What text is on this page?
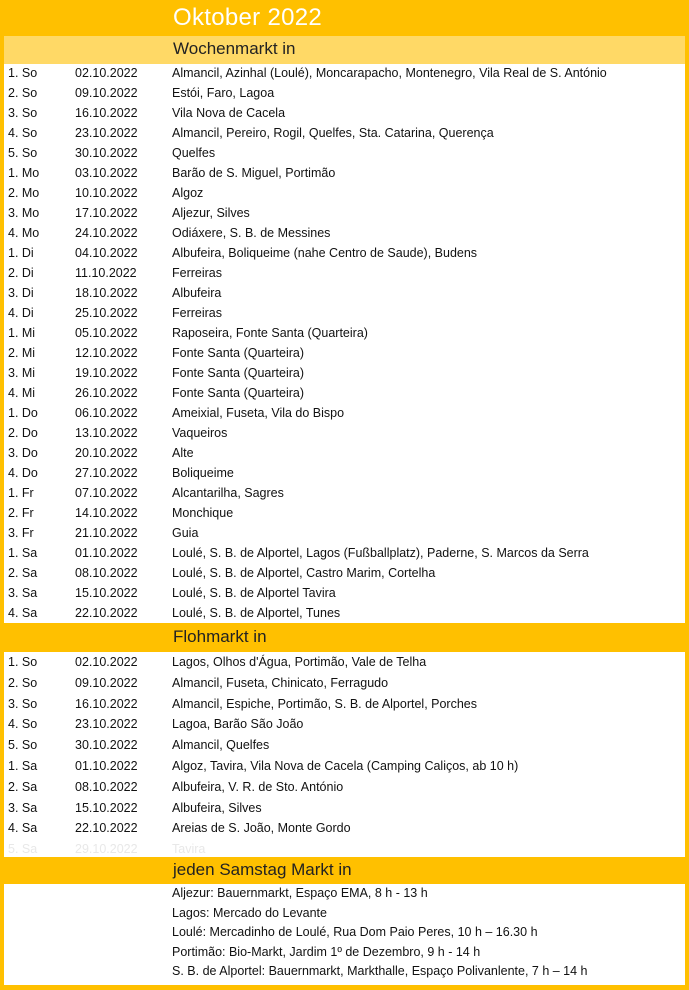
Oktober 2022
Wochenmarkt in
1. So	02.10.2022	Almancil, Azinhal (Loulé), Moncarapacho, Montenegro, Vila Real de S. António
2. So	09.10.2022	Estói, Faro, Lagoa
3. So	16.10.2022	Vila Nova de Cacela
4. So	23.10.2022	Almancil, Pereiro, Rogil, Quelfes, Sta. Catarina, Querença
5. So	30.10.2022	Quelfes
1. Mo	03.10.2022	Barão de S. Miguel, Portimão
2. Mo	10.10.2022	Algoz
3. Mo	17.10.2022	Aljezur, Silves
4. Mo	24.10.2022	Odiáxere, S. B. de Messines
1. Di	04.10.2022	Albufeira, Boliqueime (nahe Centro de Saude), Budens
2. Di	11.10.2022	Ferreiras
3. Di	18.10.2022	Albufeira
4. Di	25.10.2022	Ferreiras
1. Mi	05.10.2022	Raposeira, Fonte Santa (Quarteira)
2. Mi	12.10.2022	Fonte Santa (Quarteira)
3. Mi	19.10.2022	Fonte Santa (Quarteira)
4. Mi	26.10.2022	Fonte Santa (Quarteira)
1. Do	06.10.2022	Ameixial, Fuseta, Vila do Bispo
2. Do	13.10.2022	Vaqueiros
3. Do	20.10.2022	Alte
4. Do	27.10.2022	Boliqueime
1. Fr	07.10.2022	Alcantarilha, Sagres
2. Fr	14.10.2022	Monchique
3. Fr	21.10.2022	Guia
1. Sa	01.10.2022	Loulé, S. B. de Alportel, Lagos (Fußballplatz), Paderne, S. Marcos da Serra
2. Sa	08.10.2022	Loulé, S. B. de Alportel, Castro Marim, Cortelha
3. Sa	15.10.2022	Loulé, S. B. de Alportel Tavira
4. Sa	22.10.2022	Loulé, S. B. de Alportel, Tunes
Flohmarkt in
1. So	02.10.2022	Lagos, Olhos d'Água, Portimão, Vale de Telha
2. So	09.10.2022	Almancil, Fuseta, Chinicato, Ferragudo
3. So	16.10.2022	Almancil, Espiche, Portimão, S. B. de Alportel, Porches
4. So	23.10.2022	Lagoa, Barão São João
5. So	30.10.2022	Almancil, Quelfes
1. Sa	01.10.2022	Algoz, Tavira, Vila Nova de Cacela (Camping Caliços, ab 10 h)
2. Sa	08.10.2022	Albufeira, V. R. de Sto. António
3. Sa	15.10.2022	Albufeira, Silves
4. Sa	22.10.2022	Areias de S. João, Monte Gordo
5. Sa	29.10.2022	Tavira
jeden Samstag Markt in
Aljezur: Bauernmarkt, Espaço EMA, 8 h - 13 h
Lagos: Mercado do Levante
Loulé: Mercadinho de Loulé, Rua Dom Paio Peres, 10 h – 16.30 h
Portimão: Bio-Markt, Jardim 1º de Dezembro, 9 h - 14 h
S. B. de Alportel: Bauernmarkt, Markthalle, Espaço Polivanlente, 7 h – 14 h
